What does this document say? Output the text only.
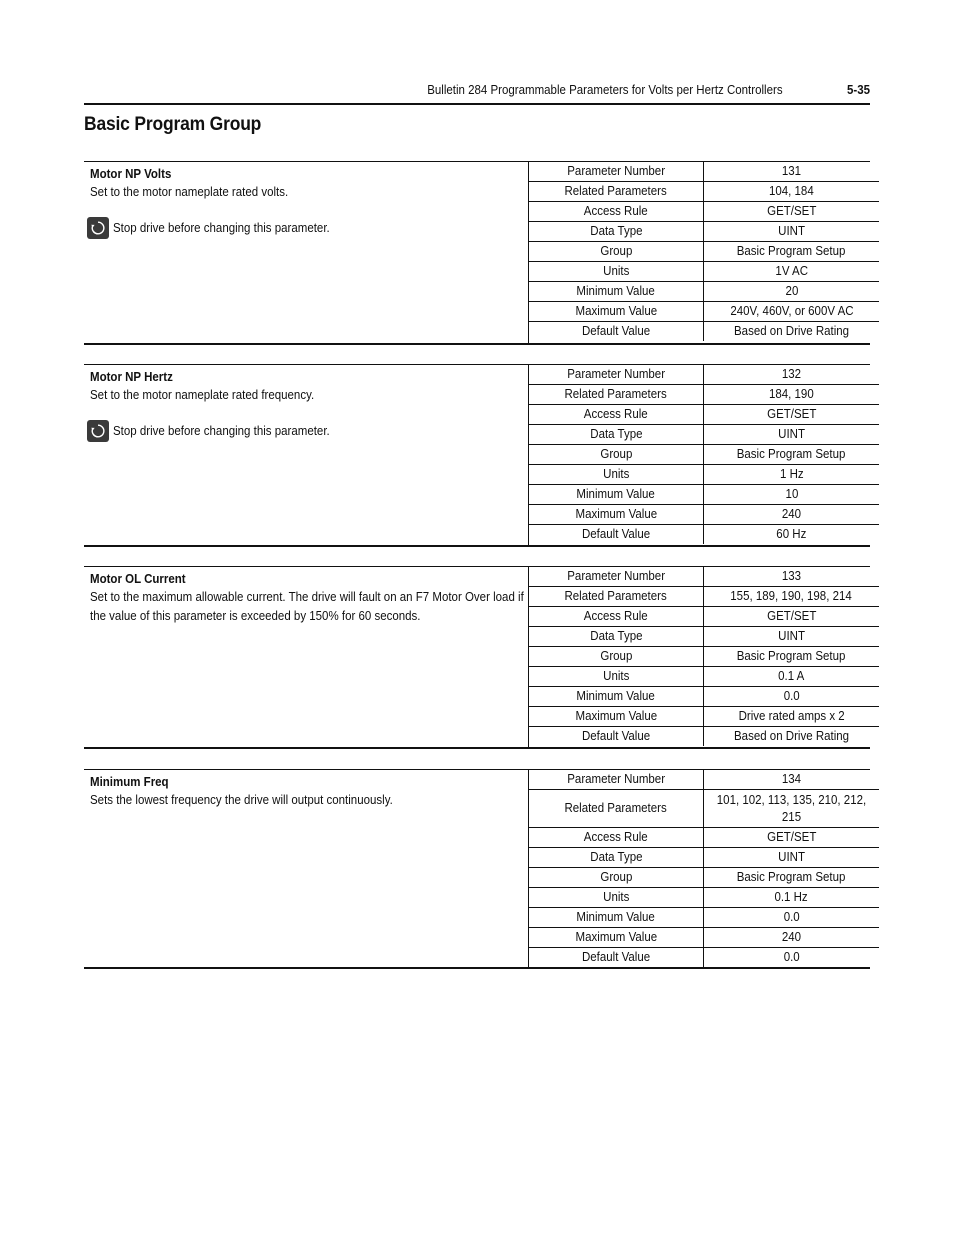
Bulletin 284 Programmable Parameters for Volts per Hertz Controllers	5-35
Basic Program Group
Motor NP Volts
Set to the motor nameplate rated volts.
Stop drive before changing this parameter.
Parameter Number	131
Related Parameters	104, 184
Access Rule	GET/SET
Data Type	UINT
Group	Basic Program Setup
Units	1V AC
Minimum Value	20
Maximum Value	240V, 460V, or 600V AC
Default Value	Based on Drive Rating
Motor NP Hertz
Set to the motor nameplate rated frequency.
Stop drive before changing this parameter.
Parameter Number	132
Related Parameters	184, 190
Access Rule	GET/SET
Data Type	UINT
Group	Basic Program Setup
Units	1 Hz
Minimum Value	10
Maximum Value	240
Default Value	60 Hz
Motor OL Current
Set to the maximum allowable current. The drive will fault on an F7 Motor Over load if the value of this parameter is exceeded by 150% for 60 seconds.
Parameter Number	133
Related Parameters	155, 189, 190, 198, 214
Access Rule	GET/SET
Data Type	UINT
Group	Basic Program Setup
Units	0.1 A
Minimum Value	0.0
Maximum Value	Drive rated amps x 2
Default Value	Based on Drive Rating
Minimum Freq
Sets the lowest frequency the drive will output continuously.
Parameter Number	134
Related Parameters	101, 102, 113, 135, 210, 212, 215
Access Rule	GET/SET
Data Type	UINT
Group	Basic Program Setup
Units	0.1 Hz
Minimum Value	0.0
Maximum Value	240
Default Value	0.0
